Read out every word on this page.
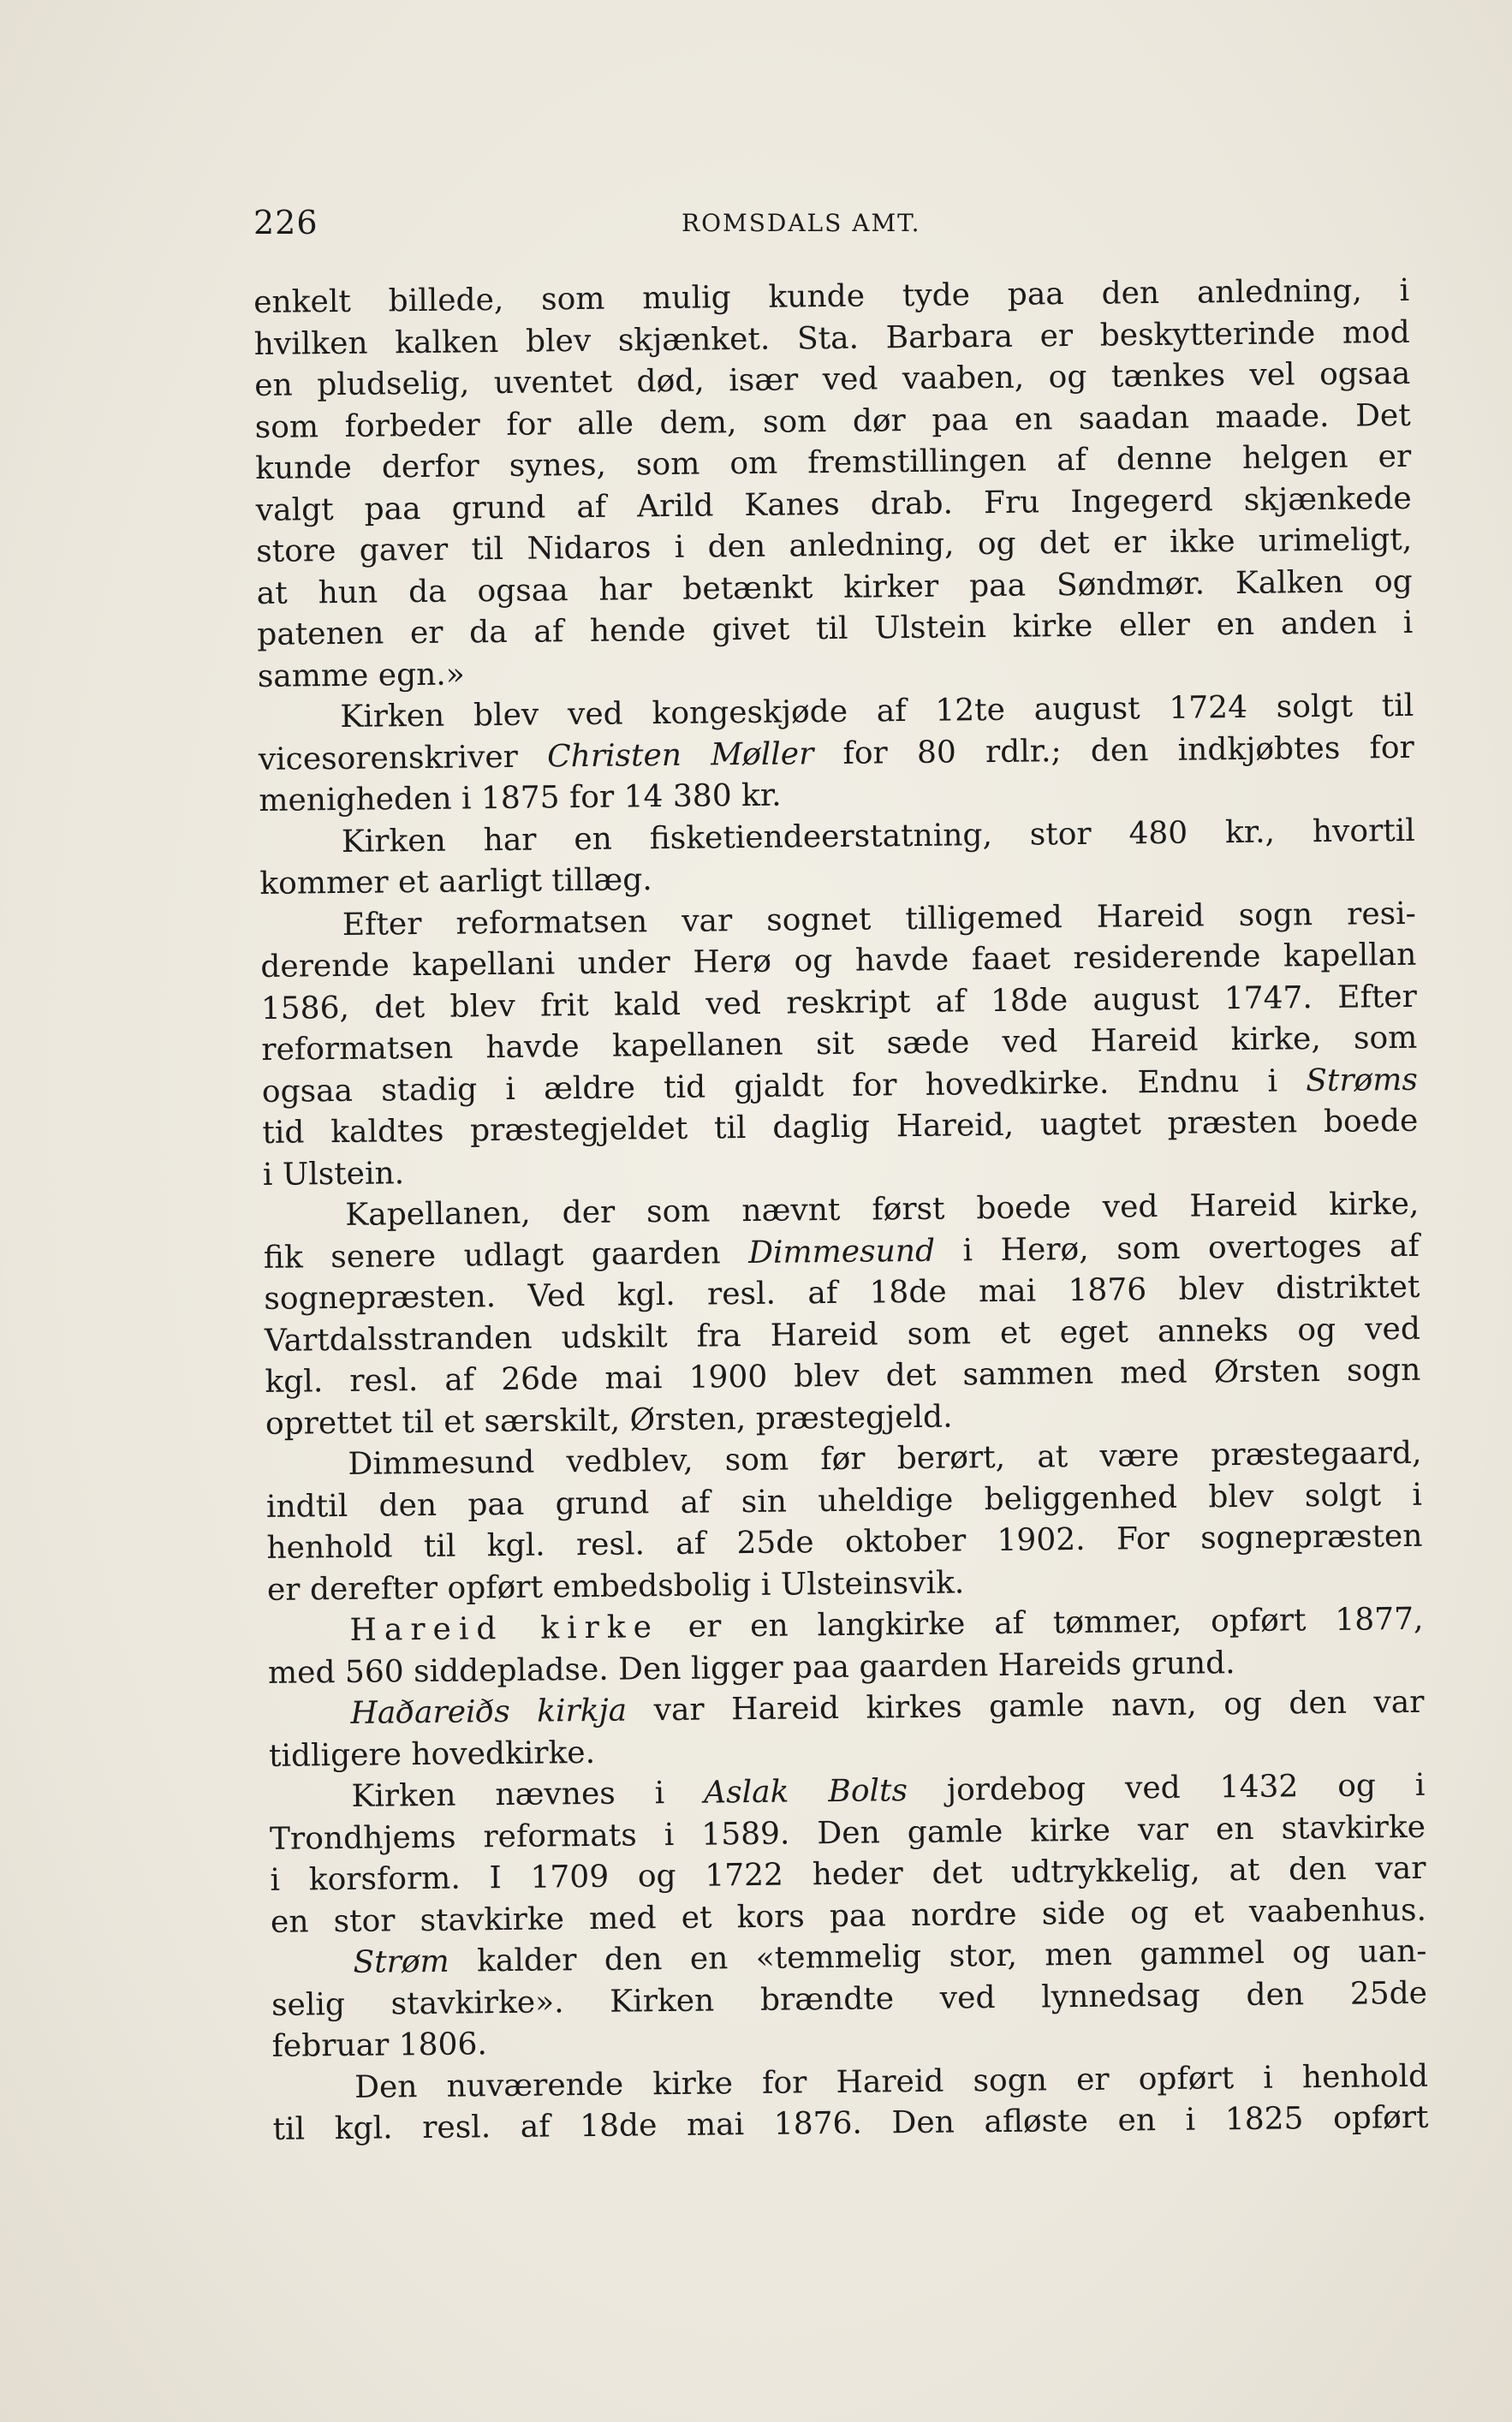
226	ROMSDALS AMT.
enkelt billede, som mulig kunde tyde paa den anledning, i
hvilken kalken blev skjænket. Sta. Barbara er beskytterinde mod
en pludselig, uventet død, især ved vaaben, og tænkes vel ogsaa
som forbeder for alle dem, som dør paa en saadan maade. Det
kunde derfor synes, som om fremstillingen af denne helgen er
valgt paa grund af Arild Kanes drab. Fru Ingegerd skjænkede
store gaver til Nidaros i den anledning, og det er ikke urimeligt,
at hun da ogsaa har betænkt kirker paa Søndmør. Kalken og
patenen er da af hende givet til Ulstein kirke eller en anden i
samme egn.»
Kirken blev ved kongeskjøde af 12te august 1724 solgt til
vicesorenskriver Christen Møller for 80 rdlr.; den indkjøbtes for
menigheden i 1875 for 14 380 kr.
Kirken har en fisketiendeerstatning, stor 480 kr., hvortil
kommer et aarligt tillæg.
Efter reformatsen var sognet tilligemed Hareid sogn resi-
derende kapellani under Herø og havde faaet residerende kapellan
1586, det blev frit kald ved reskript af 18de august 1747. Efter
reformatsen havde kapellanen sit sæde ved Hareid kirke, som
ogsaa stadig i ældre tid gjaldt for hovedkirke. Endnu i Strøms
tid kaldtes præstegjeldet til daglig Hareid, uagtet præsten boede
i Ulstein.
Kapellanen, der som nævnt først boede ved Hareid kirke,
fik senere udlagt gaarden Dimmesund i Herø, som overtoges af
sognepræsten. Ved kgl. resl. af 18de mai 1876 blev distriktet
Vartdalsstranden udskilt fra Hareid som et eget anneks og ved
kgl. resl. af 26de mai 1900 blev det sammen med Ørsten sogn
oprettet til et særskilt, Ørsten, præstegjeld.
Dimmesund vedblev, som før berørt, at være præstegaard,
indtil den paa grund af sin uheldige beliggenhed blev solgt i
henhold til kgl. resl. af 25de oktober 1902. For sognepræsten
er derefter opført embedsbolig i Ulsteinsvik.
Hareid kirke er en langkirke af tømmer, opført 1877,
med 560 siddepladse. Den ligger paa gaarden Hareids grund.
Haðareiðs kirkja var Hareid kirkes gamle navn, og den var
tidligere hovedkirke.
Kirken nævnes i Aslak Bolts jordebog ved 1432 og i
Trondhjems reformats i 1589. Den gamle kirke var en stavkirke
i korsform. I 1709 og 1722 heder det udtrykkelig, at den var
en stor stavkirke med et kors paa nordre side og et vaabenhus.
Strøm kalder den en «temmelig stor, men gammel og uan-
selig stavkirke». Kirken brændte ved lynnedsag den 25de
februar 1806.
Den nuværende kirke for Hareid sogn er opført i henhold
til kgl. resl. af 18de mai 1876. Den afløste en i 1825 opført
